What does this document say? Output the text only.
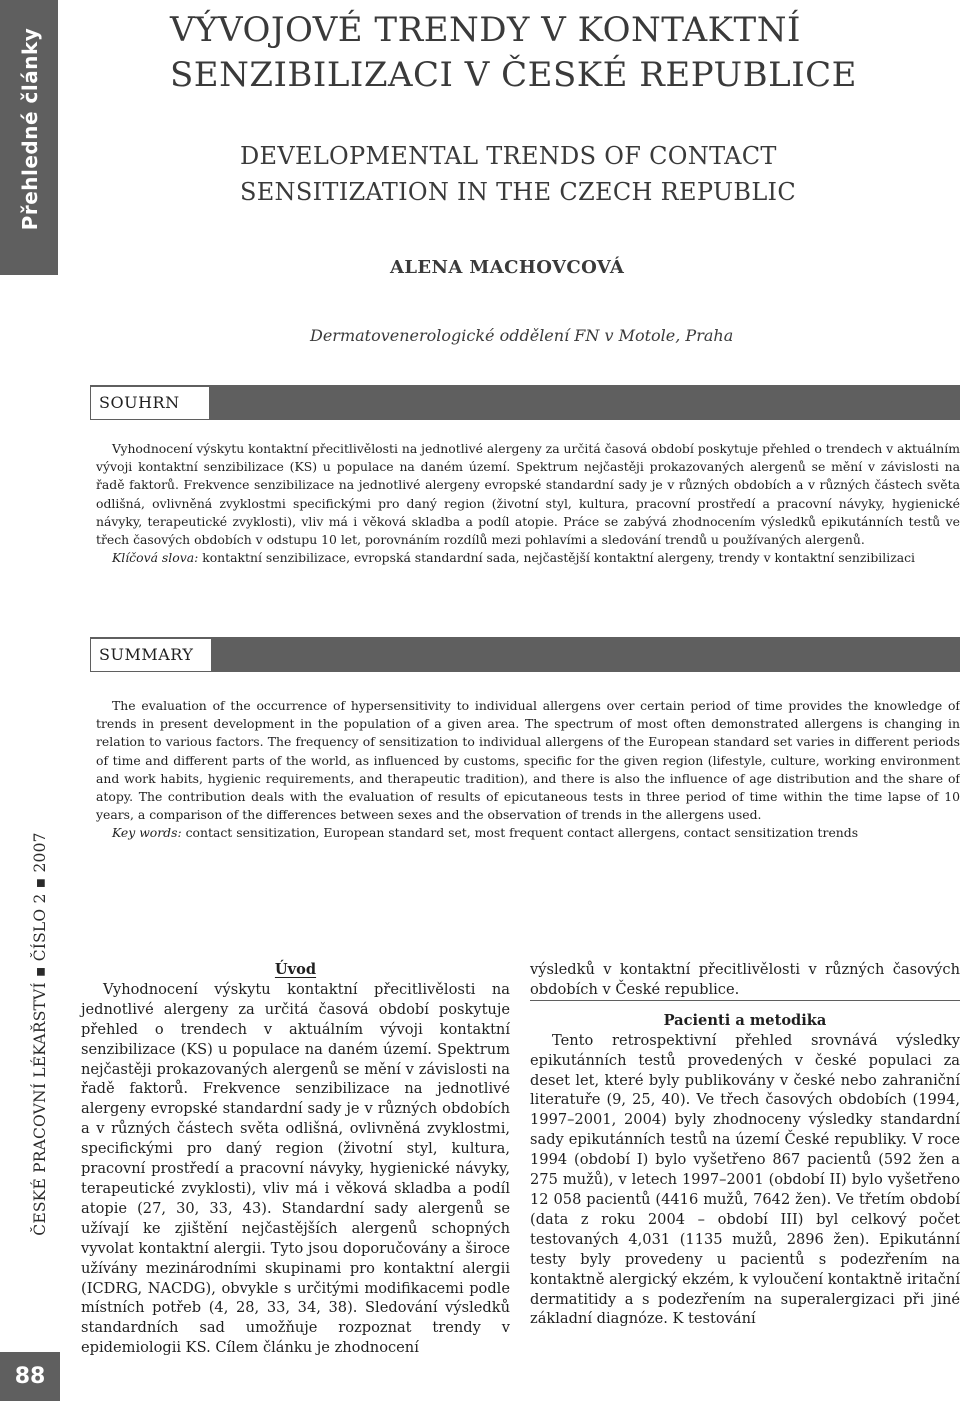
Přehledné články
ČESKÉ PRACOVNÍ LÉKAŘSTVÍ ▪ ČÍSLO 2 ▪ 2007
88
VÝVOJOVÉ TRENDY V KONTAKTNÍ
SENZIBILIZACI V ČESKÉ REPUBLICE
DEVELOPMENTAL TRENDS OF CONTACT
SENSITIZATION IN THE CZECH REPUBLIC
ALENA MACHOVCOVÁ
Dermatovenerologické oddělení FN v Motole, Praha
SOUHRN

Vyhodnocení výskytu kontaktní přecitlivělosti na jednotlivé alergeny za určitá časová období poskytuje přehled o trendech v aktuálním vývoji kontaktní senzibilizace (KS) u populace na daném území. Spektrum nejčastěji prokazovaných alergenů se mění v závislosti na řadě faktorů. Frekvence senzibilizace na jednotlivé alergeny evropské standardní sady je v různých obdobích a v různých částech světa odlišná, ovlivněná zvyklostmi specifickými pro daný region (životní styl, kultura, pracovní prostředí a pracovní návyky, hygienické návyky, terapeutické zvyklosti), vliv má i věková skladba a podíl atopie. Práce se zabývá zhodnocením výsledků epikutánních testů ve třech časových obdobích v odstupu 10 let, porovnáním rozdílů mezi pohlavími a sledování trendů u používaných alergenů.

Klíčová slova: kontaktní senzibilizace, evropská standardní sada, nejčastější kontaktní alergeny, trendy v kontaktní senzibilizaci

SUMMARY

The evaluation of the occurrence of hypersensitivity to individual allergens over certain period of time provides the knowledge of trends in present development in the population of a given area. The spectrum of most often demonstrated allergens is changing in relation to various factors. The frequency of sensitization to individual allergens of the European standard set varies in different periods of time and different parts of the world, as influenced by customs, specific for the given region (lifestyle, culture, working environment and work habits, hygienic requirements, and therapeutic tradition), and there is also the influence of age distribution and the share of atopy. The contribution deals with the evaluation of results of epicutaneous tests in three period of time within the time lapse of 10 years, a comparison of the differences between sexes and the observation of trends in the allergens used.

Key words: contact sensitization, European standard set, most frequent contact allergens, contact sensitization trends

Úvod

Vyhodnocení výskytu kontaktní přecitlivělosti na jednotlivé alergeny za určitá časová období poskytuje přehled o trendech v aktuálním vývoji kontaktní senzibilizace (KS) u populace na daném území. Spektrum nejčastěji prokazovaných alergenů se mění v závislosti na řadě faktorů. Frekvence senzibilizace na jednotlivé alergeny evropské standardní sady je v různých obdobích a v různých částech světa odlišná, ovlivněná zvyklostmi, specifickými pro daný region (životní styl, kultura, pracovní prostředí a pracovní návyky, hygienické návyky, terapeutické zvyklosti), vliv má i věková skladba a podíl atopie (27, 30, 33, 43). Standardní sady alergenů se užívají ke zjištění nejčastějších alergenů schopných vyvolat kontaktní alergii. Tyto jsou doporučovány a široce užívány mezinárodními skupinami pro kontaktní alergii (ICDRG, NACDG), obvykle s určitými modifikacemi podle místních potřeb (4, 28, 33, 34, 38). Sledování výsledků standardních sad umožňuje rozpoznat trendy v epidemiologii KS. Cílem článku je zhodnocení

výsledků v kontaktní přecitlivělosti v různých časových obdobích v České republice.

Pacienti a metodika

Tento retrospektivní přehled srovnává výsledky epikutánních testů provedených v české populaci za deset let, které byly publikovány v české nebo zahraniční literatuře (9, 25, 40). Ve třech časových obdobích (1994, 1997–2001, 2004) byly zhodnoceny výsledky standardní sady epikutánních testů na území České republiky. V roce 1994 (období I) bylo vyšetřeno 867 pacientů (592 žen a 275 mužů), v letech 1997–2001 (období II) bylo vyšetřeno 12 058 pacientů (4416 mužů, 7642 žen). Ve třetím období (data z roku 2004 – období III) byl celkový počet testovaných 4,031 (1135 mužů, 2896 žen). Epikutánní testy byly provedeny u pacientů s podezřením na kontaktně alergický ekzém, k vyloučení kontaktně iritační dermatitidy a s podezřením na superalergizaci při jiné základní diagnóze. K testování
